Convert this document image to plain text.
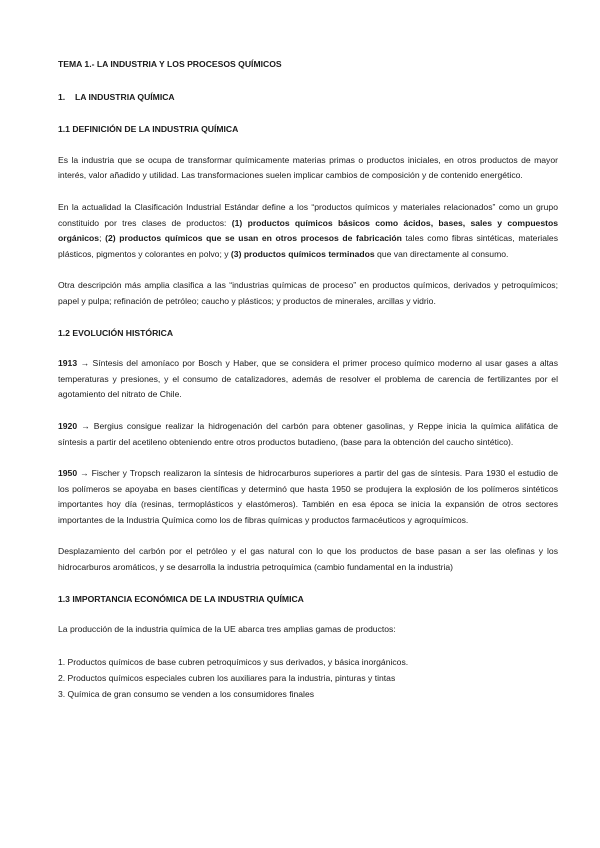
TEMA 1.- LA INDUSTRIA Y LOS PROCESOS QUÍMICOS
1. LA INDUSTRIA QUÍMICA
1.1 DEFINICIÓN DE LA INDUSTRIA QUÍMICA

Es la industria que se ocupa de transformar químicamente materias primas o productos iniciales, en otros productos de mayor interés, valor añadido y utilidad. Las transformaciones suelen implicar cambios de composición y de contenido energético.

En la actualidad la Clasificación Industrial Estándar define a los “productos químicos y materiales relacionados” como un grupo constituido por tres clases de productos: (1) productos químicos básicos como ácidos, bases, sales y compuestos orgánicos; (2) productos químicos que se usan en otros procesos de fabricación tales como fibras sintéticas, materiales plásticos, pigmentos y colorantes en polvo; y (3) productos químicos terminados que van directamente al consumo.

Otra descripción más amplia clasifica a las “industrias químicas de proceso” en productos químicos, derivados y petroquímicos; papel y pulpa; refinación de petróleo; caucho y plásticos; y productos de minerales, arcillas y vidrio.

1.2 EVOLUCIÓN HISTÓRICA

1913 → Síntesis del amoníaco por Bosch y Haber, que se considera el primer proceso químico moderno al usar gases a altas temperaturas y presiones, y el consumo de catalizadores, además de resolver el problema de carencia de fertilizantes por el agotamiento del nitrato de Chile.

1920 → Bergius consigue realizar la hidrogenación del carbón para obtener gasolinas, y Reppe inicia la química alifática de síntesis a partir del acetileno obteniendo entre otros productos butadieno, (base para la obtención del caucho sintético).

1950 → Fischer y Tropsch realizaron la síntesis de hidrocarburos superiores a partir del gas de síntesis. Para 1930 el estudio de los polímeros se apoyaba en bases científicas y determinó que hasta 1950 se produjera la explosión de los polímeros sintéticos importantes hoy día (resinas, termoplásticos y elastómeros). También en esa época se inicia la expansión de otros sectores importantes de la Industria Química como los de fibras químicas y productos farmacéuticos y agroquímicos.

Desplazamiento del carbón por el petróleo y el gas natural con lo que los productos de base pasan a ser las olefinas y los hidrocarburos aromáticos, y se desarrolla la industria petroquímica (cambio fundamental en la industria)

1.3 IMPORTANCIA ECONÓMICA DE LA INDUSTRIA QUÍMICA

La producción de la industria química de la UE abarca tres amplias gamas de productos:

1. Productos químicos de base cubren petroquímicos y sus derivados, y básica inorgánicos.
2. Productos químicos especiales cubren los auxiliares para la industria, pinturas y tintas
3. Química de gran consumo se venden a los consumidores finales
